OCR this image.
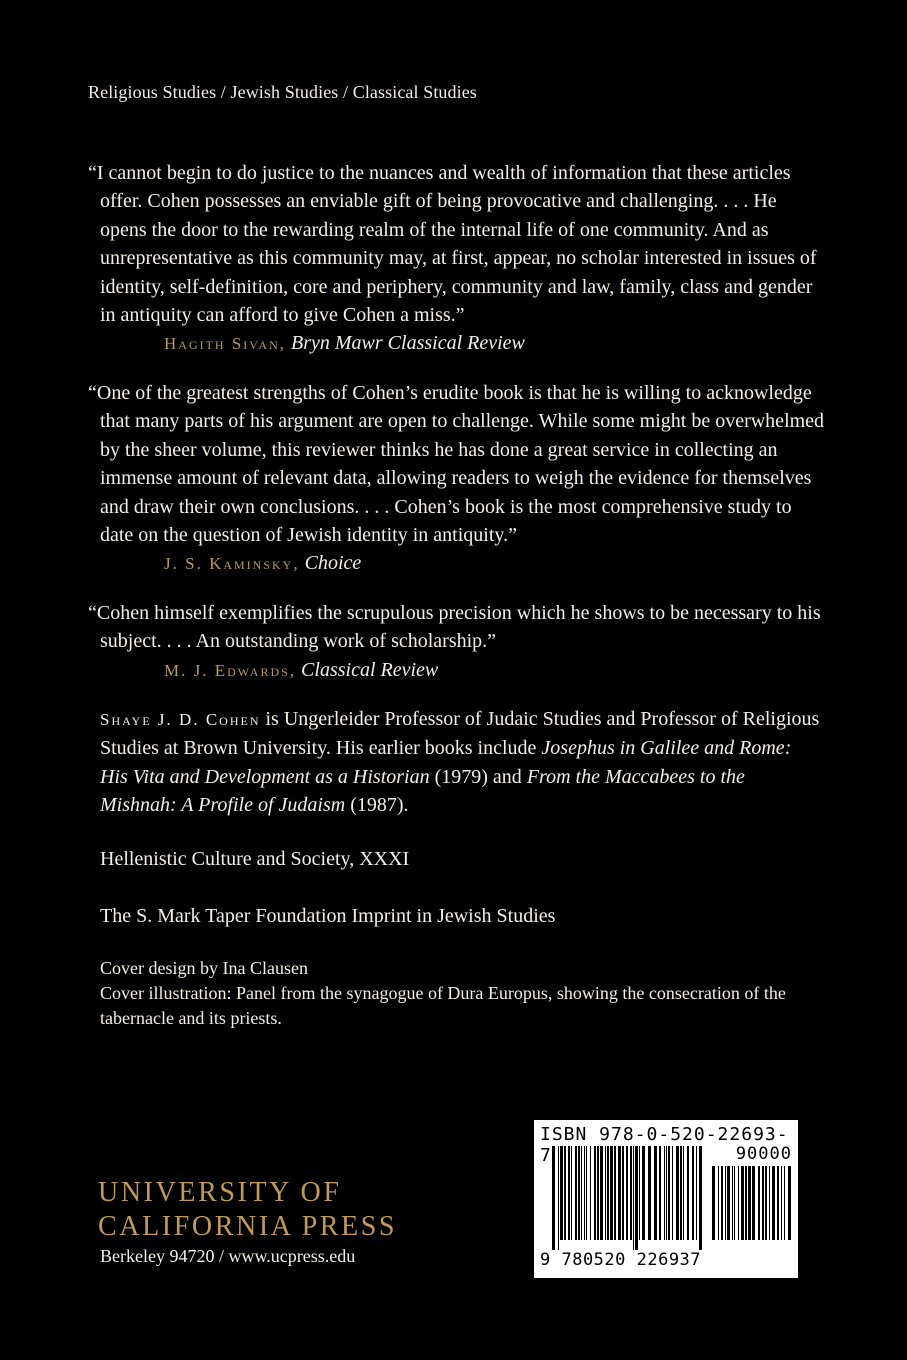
Religious Studies / Jewish Studies / Classical Studies

“I cannot begin to do justice to the nuances and wealth of information that these articles offer. Cohen possesses an enviable gift of being provocative and challenging. . . . He opens the door to the rewarding realm of the internal life of one community. And as unrepresentative as this community may, at first, appear, no scholar interested in issues of identity, self-definition, core and periphery, community and law, family, class and gender in antiquity can afford to give Cohen a miss.”

Hagith Sivan, Bryn Mawr Classical Review

“One of the greatest strengths of Cohen’s erudite book is that he is willing to acknowledge that many parts of his argument are open to challenge. While some might be overwhelmed by the sheer volume, this reviewer thinks he has done a great service in collecting an immense amount of relevant data, allowing readers to weigh the evidence for themselves and draw their own conclusions. . . . Cohen’s book is the most comprehensive study to date on the question of Jewish identity in antiquity.”

J. S. Kaminsky, Choice

“Cohen himself exemplifies the scrupulous precision which he shows to be necessary to his subject. . . . An outstanding work of scholarship.”

M. J. Edwards, Classical Review
Shaye J. D. Cohen is Ungerleider Professor of Judaic Studies and Professor of Religious Studies at Brown University. His earlier books include Josephus in Galilee and Rome: His Vita and Development as a Historian (1979) and From the Maccabees to the Mishnah: A Profile of Judaism (1987).
Hellenistic Culture and Society, XXXI
The S. Mark Taper Foundation Imprint in Jewish Studies
Cover design by Ina Clausen
Cover illustration: Panel from the synagogue of Dura Europus, showing the consecration of the tabernacle and its priests.
UNIVERSITY OF
CALIFORNIA PRESS
Berkeley 94720 / www.ucpress.edu
ISBN 978-0-520-22693-7	90000
9 780520 226937
